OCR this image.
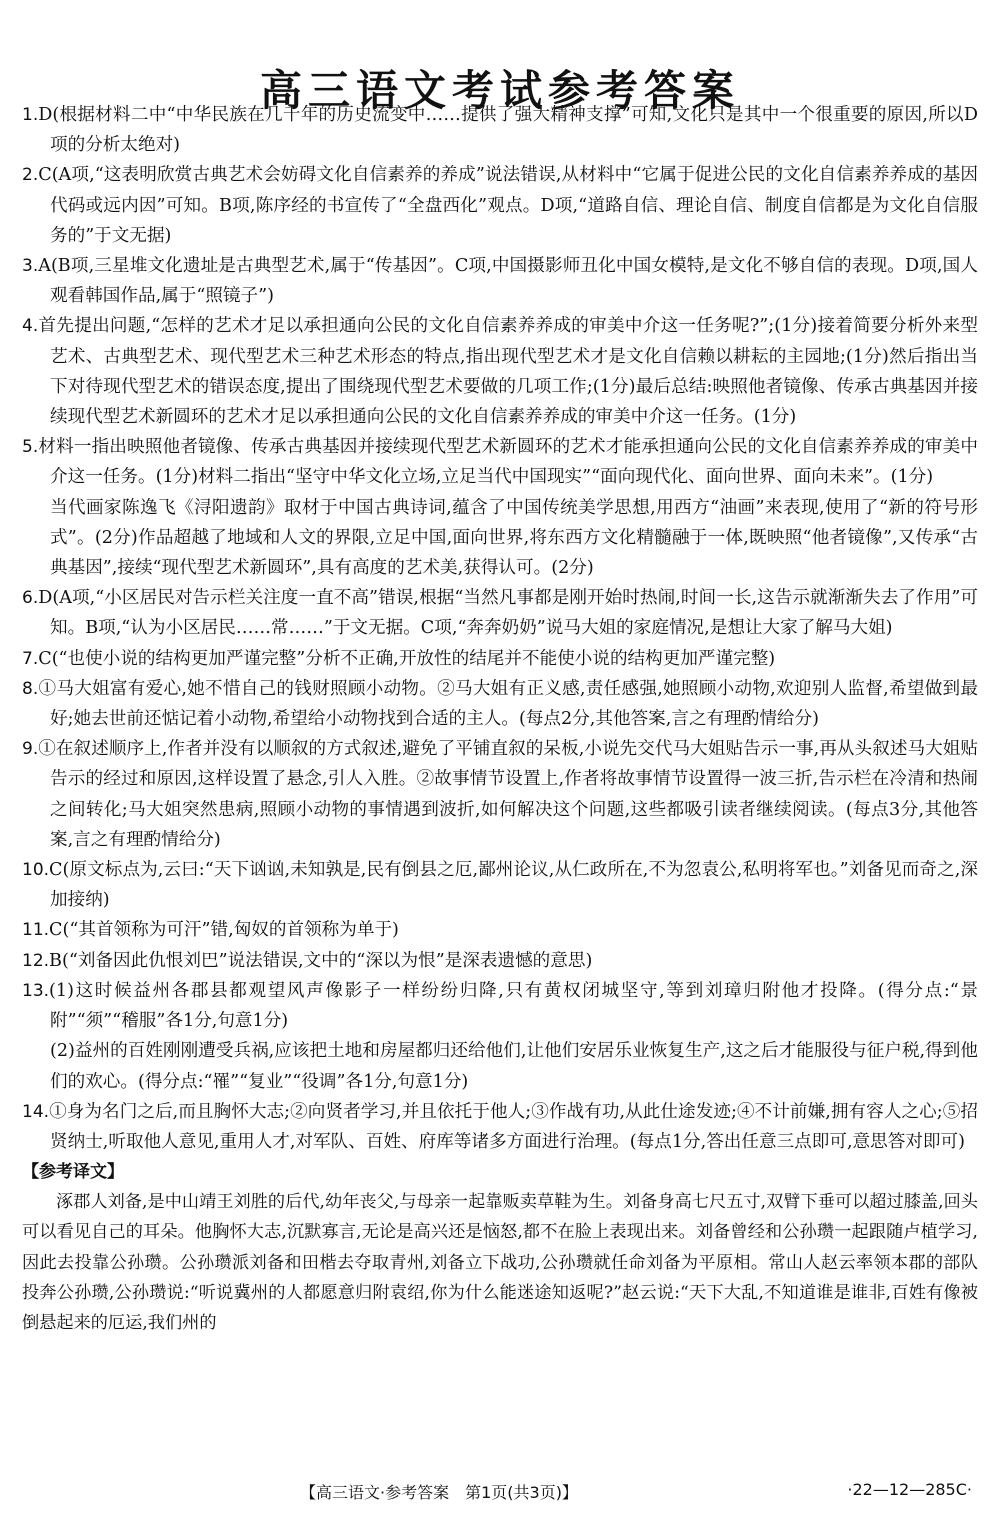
高三语文考试参考答案
1.D(根据材料二中“中华民族在几千年的历史流变中……提供了强大精神支撑”可知,文化只是其中一个很重要的原因,所以D项的分析太绝对)
2.C(A项,“这表明欣赏古典艺术会妨碍文化自信素养的养成”说法错误,从材料中“它属于促进公民的文化自信素养养成的基因代码或远内因”可知。B项,陈序经的书宣传了“全盘西化”观点。D项,“道路自信、理论自信、制度自信都是为文化自信服务的”于文无据)
3.A(B项,三星堆文化遗址是古典型艺术,属于“传基因”。C项,中国摄影师丑化中国女模特,是文化不够自信的表现。D项,国人观看韩国作品,属于“照镜子”)
4.首先提出问题,“怎样的艺术才足以承担通向公民的文化自信素养养成的审美中介这一任务呢?”;(1分)接着简要分析外来型艺术、古典型艺术、现代型艺术三种艺术形态的特点,指出现代型艺术才是文化自信赖以耕耘的主园地;(1分)然后指出当下对待现代型艺术的错误态度,提出了围绕现代型艺术要做的几项工作;(1分)最后总结:映照他者镜像、传承古典基因并接续现代型艺术新圆环的艺术才足以承担通向公民的文化自信素养养成的审美中介这一任务。(1分)
5.材料一指出映照他者镜像、传承古典基因并接续现代型艺术新圆环的艺术才能承担通向公民的文化自信素养养成的审美中介这一任务。(1分)材料二指出“坚守中华文化立场,立足当代中国现实”“面向现代化、面向世界、面向未来”。(1分)
当代画家陈逸飞《浔阳遗韵》取材于中国古典诗词,蕴含了中国传统美学思想,用西方“油画”来表现,使用了“新的符号形式”。(2分)作品超越了地域和人文的界限,立足中国,面向世界,将东西方文化精髓融于一体,既映照“他者镜像”,又传承“古典基因”,接续“现代型艺术新圆环”,具有高度的艺术美,获得认可。(2分)
6.D(A项,“小区居民对告示栏关注度一直不高”错误,根据“当然凡事都是刚开始时热闹,时间一长,这告示就渐渐失去了作用”可知。B项,“认为小区居民……常……”于文无据。C项,“奔奔奶奶”说马大姐的家庭情况,是想让大家了解马大姐)
7.C(“也使小说的结构更加严谨完整”分析不正确,开放性的结尾并不能使小说的结构更加严谨完整)
8.①马大姐富有爱心,她不惜自己的钱财照顾小动物。②马大姐有正义感,责任感强,她照顾小动物,欢迎别人监督,希望做到最好;她去世前还惦记着小动物,希望给小动物找到合适的主人。(每点2分,其他答案,言之有理酌情给分)
9.①在叙述顺序上,作者并没有以顺叙的方式叙述,避免了平铺直叙的呆板,小说先交代马大姐贴告示一事,再从头叙述马大姐贴告示的经过和原因,这样设置了悬念,引人入胜。②故事情节设置上,作者将故事情节设置得一波三折,告示栏在冷清和热闹之间转化;马大姐突然患病,照顾小动物的事情遇到波折,如何解决这个问题,这些都吸引读者继续阅读。(每点3分,其他答案,言之有理酌情给分)
10.C(原文标点为,云曰:“天下讻讻,未知孰是,民有倒县之厄,鄙州论议,从仁政所在,不为忽袁公,私明将军也。”刘备见而奇之,深加接纳)
11.C(“其首领称为可汗”错,匈奴的首领称为单于)
12.B(“刘备因此仇恨刘巴”说法错误,文中的“深以为恨”是深表遗憾的意思)
13.(1)这时候益州各郡县都观望风声像影子一样纷纷归降,只有黄权闭城坚守,等到刘璋归附他才投降。(得分点:“景附”“须”“稽服”各1分,句意1分)
(2)益州的百姓刚刚遭受兵祸,应该把土地和房屋都归还给他们,让他们安居乐业恢复生产,这之后才能服役与征户税,得到他们的欢心。(得分点:“罹”“复业”“役调”各1分,句意1分)
14.①身为名门之后,而且胸怀大志;②向贤者学习,并且依托于他人;③作战有功,从此仕途发迹;④不计前嫌,拥有容人之心;⑤招贤纳士,听取他人意见,重用人才,对军队、百姓、府库等诸多方面进行治理。(每点1分,答出任意三点即可,意思答对即可)
【参考译文】
涿郡人刘备,是中山靖王刘胜的后代,幼年丧父,与母亲一起靠贩卖草鞋为生。刘备身高七尺五寸,双臂下垂可以超过膝盖,回头可以看见自己的耳朵。他胸怀大志,沉默寡言,无论是高兴还是恼怒,都不在脸上表现出来。刘备曾经和公孙瓒一起跟随卢植学习,因此去投靠公孙瓒。公孙瓒派刘备和田楷去夺取青州,刘备立下战功,公孙瓒就任命刘备为平原相。常山人赵云率领本郡的部队投奔公孙瓒,公孙瓒说:“听说冀州的人都愿意归附袁绍,你为什么能迷途知返呢?”赵云说:“天下大乱,不知道谁是谁非,百姓有像被倒悬起来的厄运,我们州的
【高三语文·参考答案　第1页(共3页)】	·22—12—285C·
